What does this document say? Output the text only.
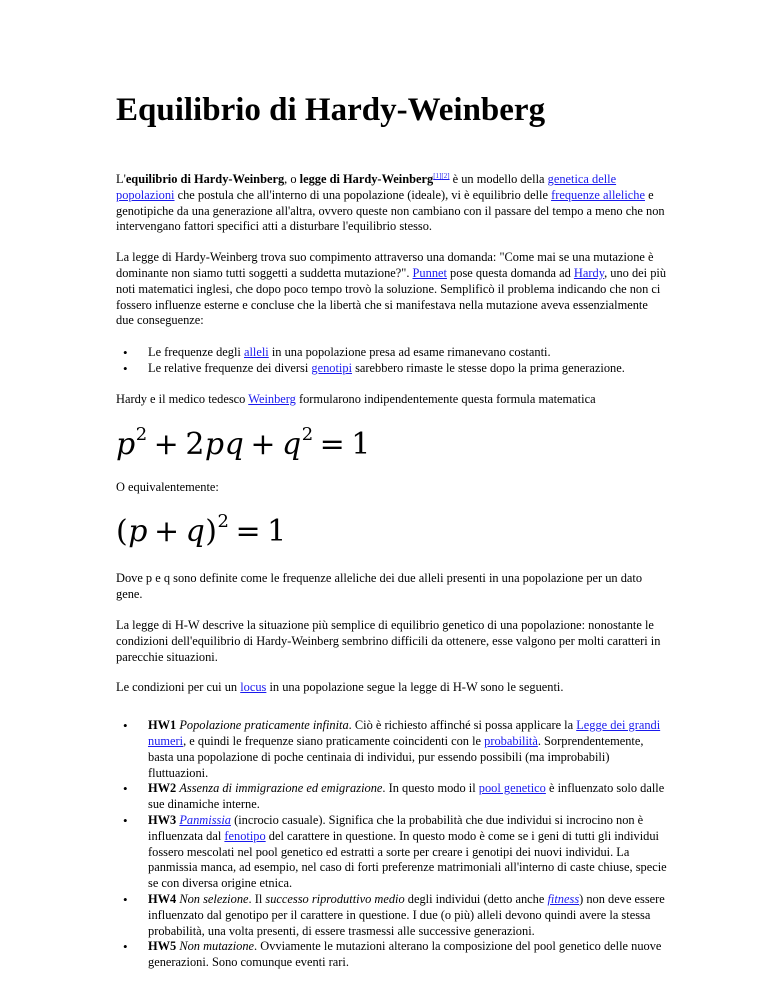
Equilibrio di Hardy-Weinberg

L'equilibrio di Hardy-Weinberg, o legge di Hardy-Weinberg[1][2] è un modello della genetica delle popolazioni che postula che all'interno di una popolazione (ideale), vi è equilibrio delle frequenze alleliche e genotipiche da una generazione all'altra, ovvero queste non cambiano con il passare del tempo a meno che non intervengano fattori specifici atti a disturbare l'equilibrio stesso.

La legge di Hardy-Weinberg trova suo compimento attraverso una domanda: "Come mai se una mutazione è dominante non siamo tutti soggetti a suddetta mutazione?". Punnet pose questa domanda ad Hardy, uno dei più noti matematici inglesi, che dopo poco tempo trovò la soluzione. Semplificò il problema indicando che non ci fossero influenze esterne e concluse che la libertà che si manifestava nella mutazione aveva essenzialmente due conseguenze:

• Le frequenze degli alleli in una popolazione presa ad esame rimanevano costanti.
• Le relative frequenze dei diversi genotipi sarebbero rimaste le stesse dopo la prima generazione.

Hardy e il medico tedesco Weinberg formularono indipendentemente questa formula matematica

$p^2 + 2pq + q^2 = 1$

O equivalentemente:

$(p + q)^2 = 1$

Dove p e q sono definite come le frequenze alleliche dei due alleli presenti in una popolazione per un dato gene.

La legge di H-W descrive la situazione più semplice di equilibrio genetico di una popolazione: nonostante le condizioni dell'equilibrio di Hardy-Weinberg sembrino difficili da ottenere, esse valgono per molti caratteri in parecchie situazioni.

Le condizioni per cui un locus in una popolazione segue la legge di H-W sono le seguenti.

• HW1 Popolazione praticamente infinita. Ciò è richiesto affinché si possa applicare la Legge dei grandi numeri, e quindi le frequenze siano praticamente coincidenti con le probabilità. Sorprendentemente, basta una popolazione di poche centinaia di individui, pur essendo possibili (ma improbabili) fluttuazioni.
• HW2 Assenza di immigrazione ed emigrazione. In questo modo il pool genetico è influenzato solo dalle sue dinamiche interne.
• HW3 Panmissia (incrocio casuale). Significa che la probabilità che due individui si incrocino non è influenzata dal fenotipo del carattere in questione. In questo modo è come se i geni di tutti gli individui fossero mescolati nel pool genetico ed estratti a sorte per creare i genotipi dei nuovi individui. La panmissia manca, ad esempio, nel caso di forti preferenze matrimoniali all'interno di caste chiuse, specie se con diversa origine etnica.
• HW4 Non selezione. Il successo riproduttivo medio degli individui (detto anche fitness) non deve essere influenzato dal genotipo per il carattere in questione. I due (o più) alleli devono quindi avere la stessa probabilità, una volta presenti, di essere trasmessi alle successive generazioni.
• HW5 Non mutazione. Ovviamente le mutazioni alterano la composizione del pool genetico delle nuove generazioni. Sono comunque eventi rari.
